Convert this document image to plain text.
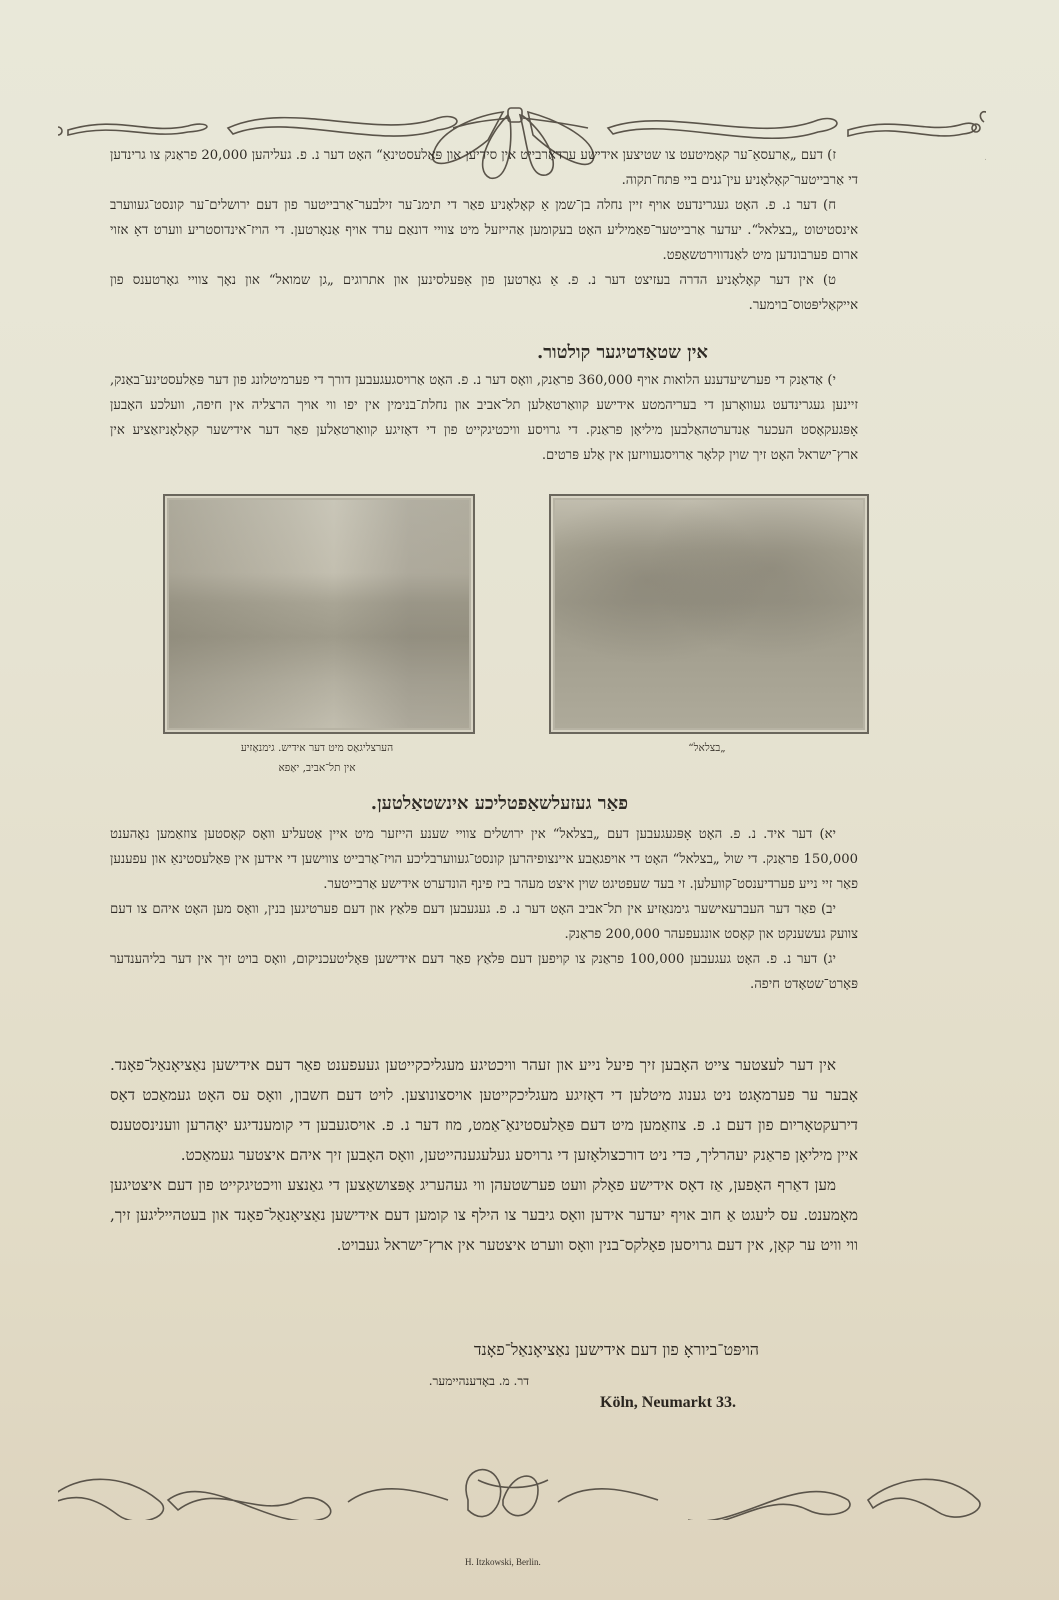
ז) דעם „אַרעסאַ־ער קאָמיטעט צו שטיצען אידישע ערדאַרבייט אין סיריען און פּאַלעסטינאַ“ האָט דער נ. פ. געליהען 20,000 פראַנק צו גרינדען די אַרבייטער־קאָלאָניע עין־גנים ביי פּתח־תקוה.

ח) דער נ. פ. האָט געגרינדעט אויף זיין נחלה בן־שמן אַ קאָלאָניע פאַר די תימנ־ער זילבער־אַרבייטער פון דעם ירושלים־ער קונסט־געווערב אינסטיטוט „בצלאל“. יעדער אַרבייטער־פאַמיליע האָט בעקומען אַהייזעל מיט צוויי דונאַם ערד אויף אַנאָרטען. די הויז־אינדוסטריע ווערט דאָ אזוי ארום פערבונדען מיט לאַנדווירטשאַפט.

ט) אין דער קאָלאָניע הדרה בעזיצט דער נ. פ. אַ גאָרטען פון אַפּעלסינען און אתרוגים „גן שמואל“ און נאָך צוויי גאָרטענס פון אייקאַליפּטוס־בוימער.

אין שטאַדטיגער קולטור.

י) אַדאַנק די פערשיעדענע הלואות אויף 360,000 פראַנק, וואָס דער נ. פ. האָט אַרויסגעגעבען דורך די פערמיטלונג פון דער פּאַלעסטינע־באַנק, זיינען געגרינדעט געוואָרען די בעריהמטע אידישע קוואַרטאַלען תל־אביב און נחלת־בנימין אין יפו ווי אויך הרצליה אין חיפה, וועלכע האָבען אָפּגעקאָסט העכער אַנדערטהאַלבען מיליאָן פראַנק. די גרויסע וויכטיגקייט פון די דאָזיגע קוואַרטאַלען פאַר דער אידישער קאָלאָניזאַציע אין ארץ־ישראל האָט זיך שוין קלאָר אַרויסגעוויזען אין אַלע פּרטים.

הערצליגאַס מיט דער אידיש. גימנאַזיע
אין תל־אביב, יאַפא
„בצלאל“
פאַר געזעלשאַפטליכע אינשטאַלטען.

יא) דער איד. נ. פ. האָט אָפּגעגעבען דעם „בצלאל“ אין ירושלים צוויי שענע הייזער מיט איין אַטעליע וואָס קאָסטען צוזאַמען נאָהענט 150,000 פראַנק. די שול „בצלאל“ האָט די אויפגאַבע איינצופיהרען קונסט־געווערבליכע הויז־אַרבייט צווישען די אידען אין פּאַלעסטינאַ און עפענען פאַר זיי נייע פערדיענסט־קוועלען. זי בעד שעפטיגט שוין איצט מעהר ביז פינף הונדערט אידישע אַרבייטער.

יב) פאַר דער העברעאישער גימנאַזיע אין תל־אביב האָט דער נ. פ. געגעבען דעם פּלאַץ און דעם פערטיגען בנין, וואָס מען האָט איהם צו דעם צוועק געשענקט און קאָסט אונגעפעהר 200,000 פראַנק.

יג) דער נ. פ. האָט געגעבען 100,000 פראַנק צו קויפען דעם פּלאַץ פאַר דעם אידישען פּאָליטעכניקום, וואָס בויט זיך אין דער בליהענדער פּאָרט־שטאָדט חיפה.

אין דער לעצטער צייט האָבען זיך פיעל נייע און זעהר וויכטיגע מעגליכקייטען געעפענט פאַר דעם אידישען נאַציאָנאַל־פאָנד. אָבער ער פערמאָגט ניט גענוג מיטלען די דאָזיגע מעגליכקייטען אויסצונוצען. לויט דעם חשבון, וואָס עס האָט געמאַכט דאָס דירעקטאָריום פון דעם נ. פ. צוזאַמען מיט דעם פּאַלעסטינאַ־אַמט, מוז דער נ. פ. אויסגעבען די קומענדיגע יאָהרען ווענינסטענס איין מיליאָן פראַנק יעהרליך, כּדי ניט דורכצולאָזען די גרויסע געלעגענהייטען, וואָס האָבען זיך איהם איצטער געמאַכט.

מען דאַרף האָפען, אַז דאָס אידישע פאָלק וועט פערשטעהן ווי געהעריג אָפּצושאַצען די גאַנצע וויכטיגקייט פון דעם איצטיגען מאָמענט. עס ליעגט אַ חוב אויף יעדער אידען וואָס גיבער צו הילף צו קומען דעם אידישען נאַציאָנאַל־פאָנד און בעטהייליגען זיך, ווי וויט ער קאָן, אין דעם גרויסען פאָלקס־בנין וואָס ווערט איצטער אין ארץ־ישראל געבויט.

הויפּט־ביוראָ פון דעם אידישען נאַציאָנאַל־פאָנד
דר. מ. באָדענהיימער.
Köln, Neumarkt 33.
H. Itzkowski, Berlin.
